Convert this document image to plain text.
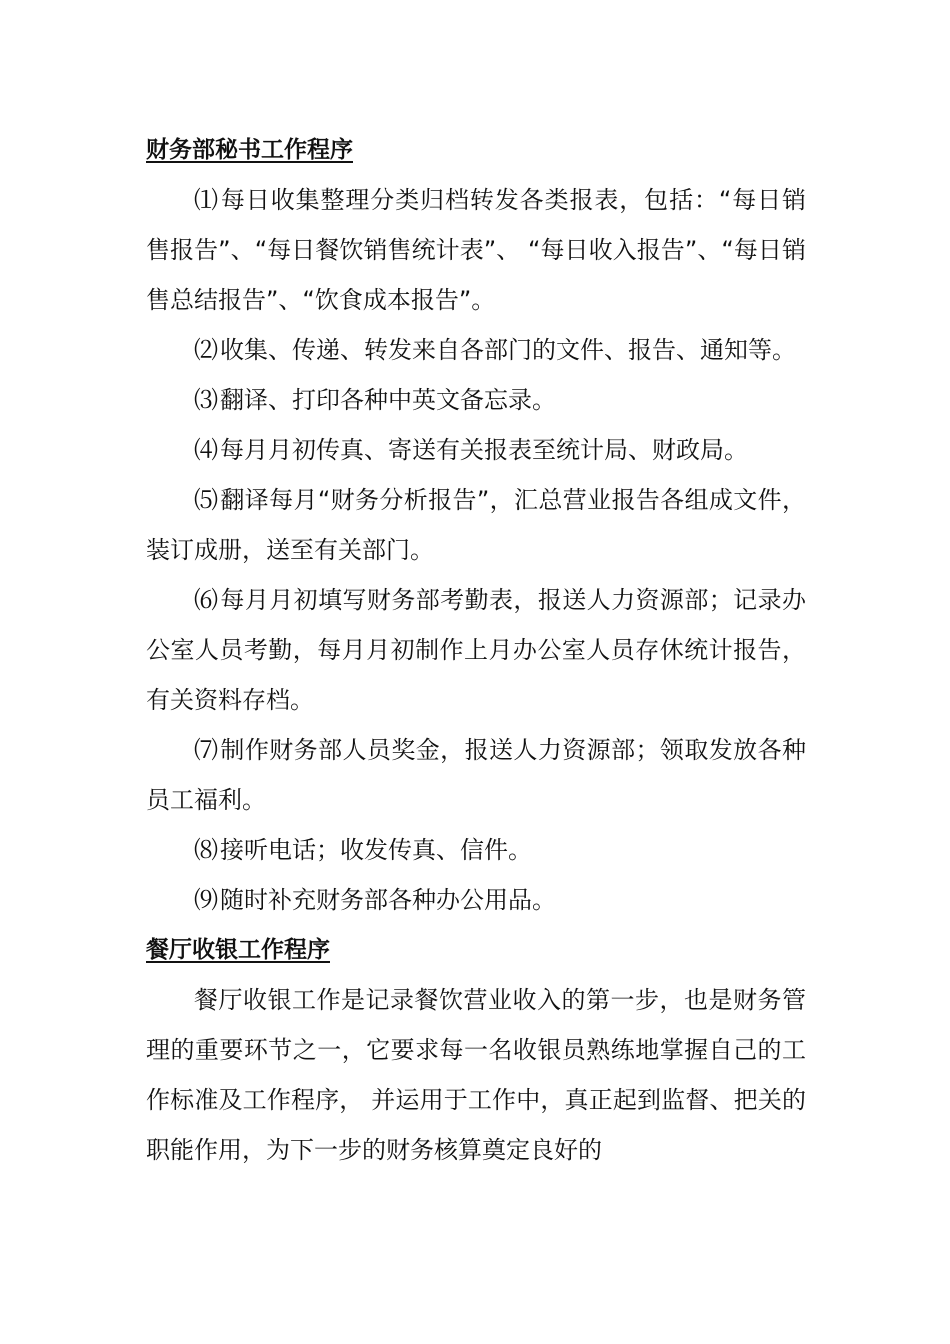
财务部秘书工作程序

⑴每日收集整理分类归档转发各类报表，包括：“每日销售报告”、“每日餐饮销售统计表”、 “每日收入报告”、“每日销售总结报告”、“饮食成本报告”。

⑵收集、传递、转发来自各部门的文件、报告、通知等。

⑶翻译、打印各种中英文备忘录。

⑷每月月初传真、寄送有关报表至统计局、财政局。

⑸翻译每月“财务分析报告”，汇总营业报告各组成文件，装订成册，送至有关部门。

⑹每月月初填写财务部考勤表，报送人力资源部；记录办公室人员考勤，每月月初制作上月办公室人员存休统计报告，有关资料存档。

⑺制作财务部人员奖金，报送人力资源部；领取发放各种员工福利。

⑻接听电话；收发传真、信件。

⑼随时补充财务部各种办公用品。

餐厅收银工作程序

餐厅收银工作是记录餐饮营业收入的第一步，也是财务管理的重要环节之一，它要求每一名收银员熟练地掌握自己的工作标准及工作程序， 并运用于工作中，真正起到监督、把关的职能作用，为下一步的财务核算奠定良好的
